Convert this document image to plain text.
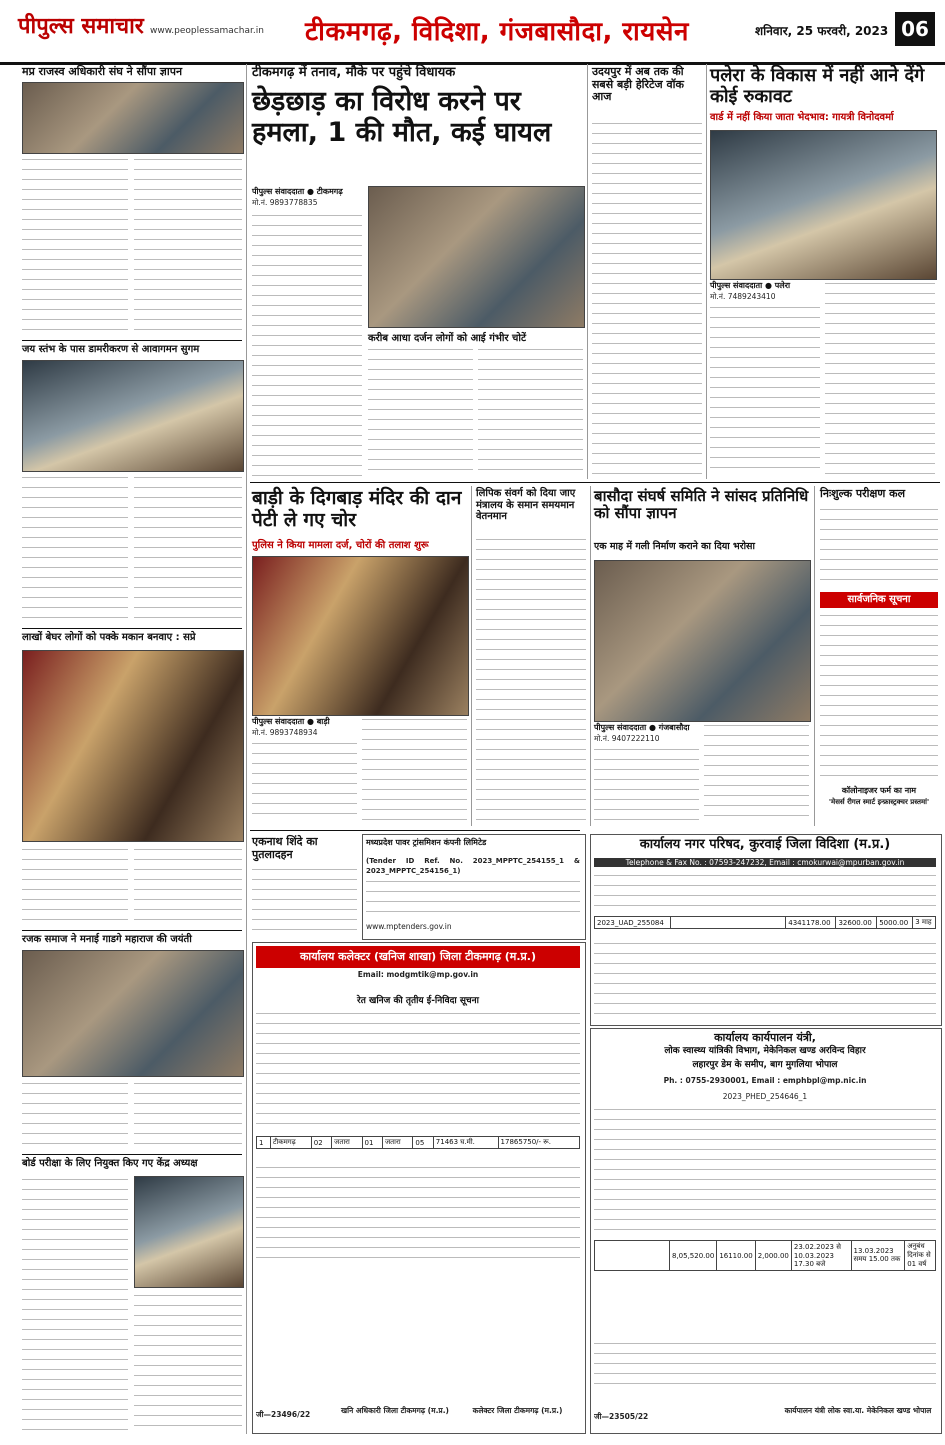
पीपुल्स समाचार www.peoplessamachar.in टीकमगढ़, विदिशा, गंजबासौदा, रायसेन	शनिवार, 25 फरवरी, 2023 06
मप्र राजस्व अधिकारी संघ ने सौंपा ज्ञापन
जय स्तंभ के पास डामरीकरण से आवागमन सुगम
लाखों बेघर लोगों को पक्के मकान बनवाए : सप्रे
रजक समाज ने मनाई गाडगे महाराज की जयंती
बोर्ड परीक्षा के लिए नियुक्त किए गए केंद्र अध्यक्ष
टीकमगढ़ में तनाव, मौके पर पहुंचे विधायक
छेड़छाड़ का विरोध करने पर हमला, 1 की मौत, कई घायल
पीपुल्स संवाददाता ● टीकमगढ़
मो.नं. 9893778835
करीब आधा दर्जन लोगों को आई गंभीर चोटें
उदयपुर में अब तक की सबसे बड़ी हेरिटेज वॉक आज
पलेरा के विकास में नहीं आने देंगे कोई रुकावट
वार्ड में नहीं किया जाता भेदभाव: गायत्री विनोदवर्मा
पीपुल्स संवाददाता ● पलेरा
मो.नं. 7489243410
बाड़ी के दिगबाड़ मंदिर की दान पेटी ले गए चोर
पुलिस ने किया मामला दर्ज, चोरों की तलाश शुरू
पीपुल्स संवाददाता ● बाड़ी
मो.नं. 9893748934
लिपिक संवर्ग को दिया जाए मंत्रालय के समान समयमान वेतनमान
बासौदा संघर्ष समिति ने सांसद प्रतिनिधि को सौंपा ज्ञापन
एक माह में गली निर्माण कराने का दिया भरोसा
पीपुल्स संवाददाता ● गंजबासौदा
मो.नं. 9407222110
निःशुल्क परीक्षण कल
सार्वजनिक सूचना
कॉलोनाइजर फर्म का नाम
'मेसर्स रीगल स्मार्ट इन्फ्रास्ट्रक्चर प्रस्तमां'
एकनाथ शिंदे का पुतलादहन
मध्यप्रदेश पावर ट्रांसमिशन कंपनी लिमिटेड
(Tender ID Ref. No. 2023_MPPTC_254155_1 & 2023_MPPTC_254156_1)
www.mptenders.gov.in
कार्यालय नगर परिषद, कुरवाई जिला विदिशा (म.प्र.)
Telephone & Fax No. : 07593-247232, Email : cmokurwai@mpurban.gov.in
2023_UAD_255084		4341178.00	32600.00	5000.00	3 माह
कार्यालय कलेक्टर (खनिज शाखा) जिला टीकमगढ़ (म.प्र.)
Email: modgmtik@mp.gov.in
रेत खनिज की तृतीय ई-निविदा सूचना
1	टीकमगढ़	02	जतारा	01	जतारा	05	71463 घ.मी.	17865750/- रू.
जी—23496/22	खनि अधिकारी जिला टीकमगढ़ (म.प्र.)	कलेक्टर जिला टीकमगढ़ (म.प्र.)
कार्यालय कार्यपालन यंत्री,
लोक स्वास्थ्य यांत्रिकी विभाग, मेकेनिकल खण्ड अरविन्द विहार
लहारपुर डेम के समीप, बाग मुगलिया भोपाल
Ph. : 0755-2930001, Email : emphbpl@mp.nic.in
2023_PHED_254646_1
	8,05,520.00	16110.00	2,000.00	23.02.2023 से 10.03.2023 17.30 बजे	13.03.2023 समय 15.00 तक	अनुबंध दिनांक से 01 वर्ष
जी—23505/22
कार्यपालन यंत्री लोक स्वा.या. मेकेनिकल खण्ड भोपाल
